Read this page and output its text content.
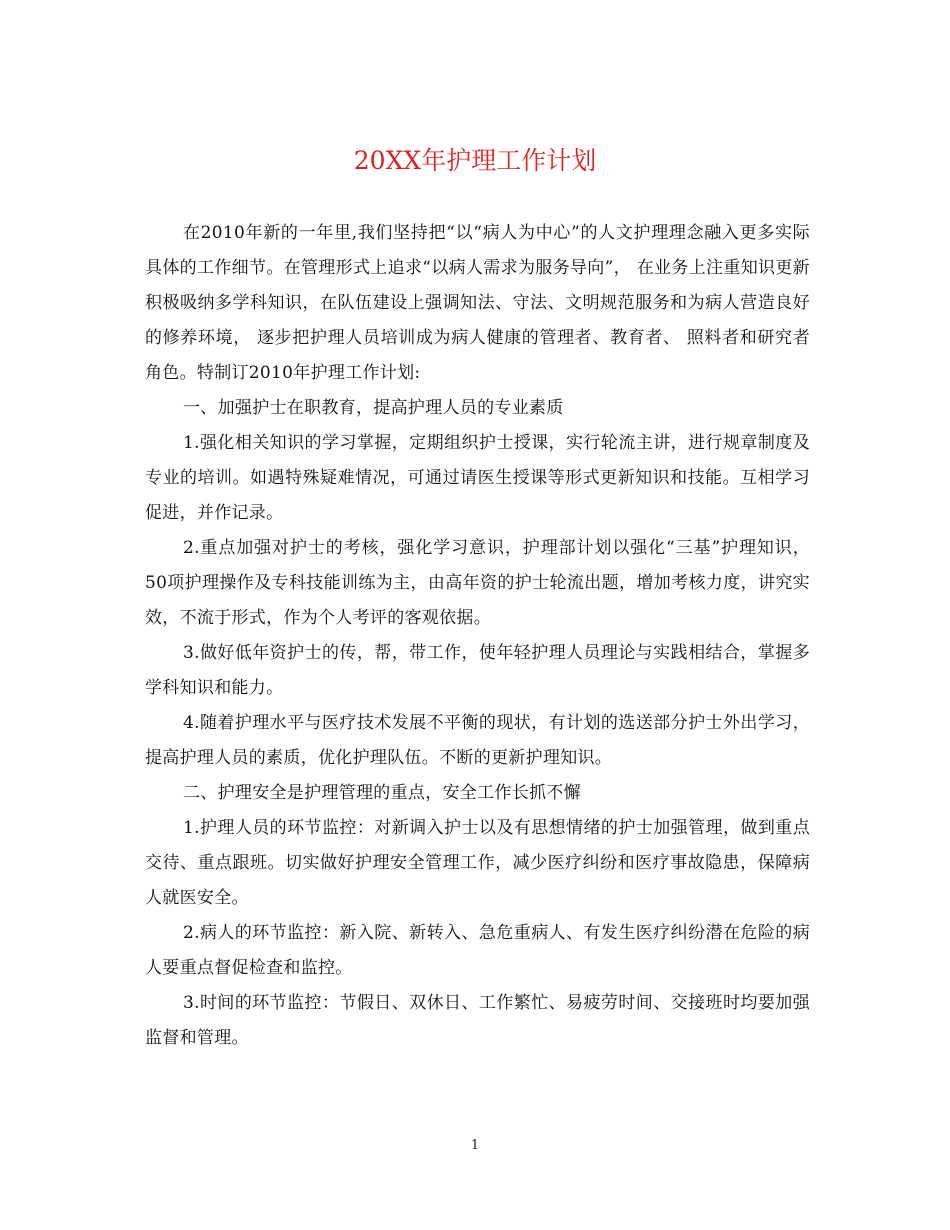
20XX年护理工作计划

在2010年新的一年里,我们坚持把“以“病人为中心”的人文护理理念融入更多实际具体的工作细节。在管理形式上追求“以病人需求为服务导向”， 在业务上注重知识更新积极吸纳多学科知识，在队伍建设上强调知法、守法、文明规范服务和为病人营造良好的修养环境， 逐步把护理人员培训成为病人健康的管理者、教育者、 照料者和研究者角色。特制订2010年护理工作计划:

一、加强护士在职教育，提高护理人员的专业素质

1.强化相关知识的学习掌握，定期组织护士授课，实行轮流主讲，进行规章制度及专业的培训。如遇特殊疑难情况，可通过请医生授课等形式更新知识和技能。互相学习促进，并作记录。

2.重点加强对护士的考核，强化学习意识，护理部计划以强化“三基”护理知识，50项护理操作及专科技能训练为主，由高年资的护士轮流出题，增加考核力度，讲究实效，不流于形式，作为个人考评的客观依据。

3.做好低年资护士的传，帮，带工作，使年轻护理人员理论与实践相结合，掌握多学科知识和能力。

4.随着护理水平与医疗技术发展不平衡的现状，有计划的选送部分护士外出学习，提高护理人员的素质，优化护理队伍。不断的更新护理知识。

二、护理安全是护理管理的重点，安全工作长抓不懈

1.护理人员的环节监控：对新调入护士以及有思想情绪的护士加强管理，做到重点交待、重点跟班。切实做好护理安全管理工作，减少医疗纠纷和医疗事故隐患，保障病人就医安全。

2.病人的环节监控：新入院、新转入、急危重病人、有发生医疗纠纷潜在危险的病人要重点督促检查和监控。

3.时间的环节监控：节假日、双休日、工作繁忙、易疲劳时间、交接班时均要加强监督和管理。

1
